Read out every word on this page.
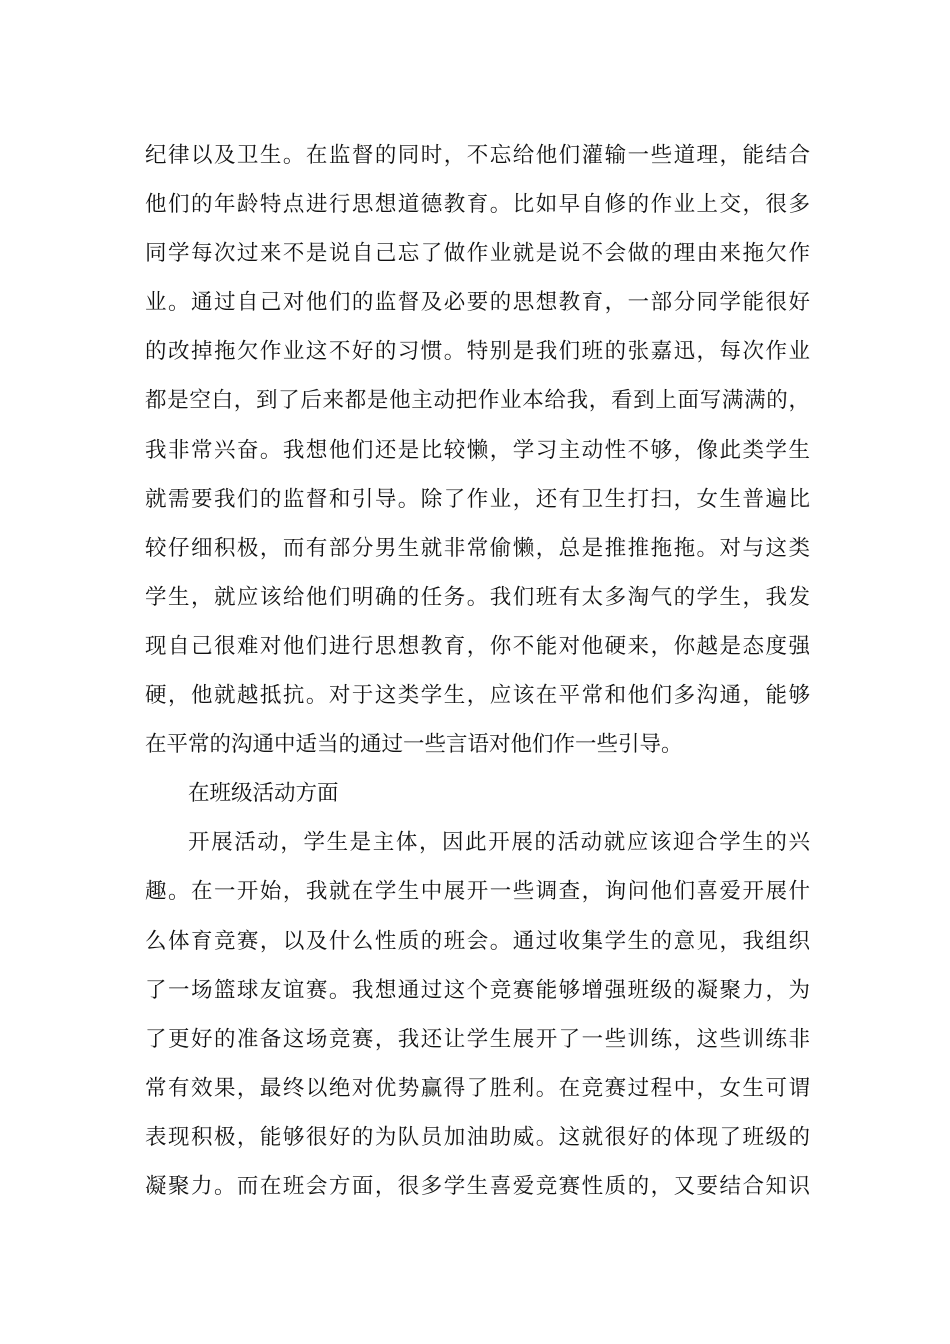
纪律以及卫生。在监督的同时，不忘给他们灌输一些道理，能结合
他们的年龄特点进行思想道德教育。比如早自修的作业上交，很多
同学每次过来不是说自己忘了做作业就是说不会做的理由来拖欠作
业。通过自己对他们的监督及必要的思想教育，一部分同学能很好
的改掉拖欠作业这不好的习惯。特别是我们班的张嘉迅，每次作业
都是空白，到了后来都是他主动把作业本给我，看到上面写满满的，
我非常兴奋。我想他们还是比较懒，学习主动性不够，像此类学生
就需要我们的监督和引导。除了作业，还有卫生打扫，女生普遍比
较仔细积极，而有部分男生就非常偷懒，总是推推拖拖。对与这类
学生，就应该给他们明确的任务。我们班有太多淘气的学生，我发
现自己很难对他们进行思想教育，你不能对他硬来，你越是态度强
硬，他就越抵抗。对于这类学生，应该在平常和他们多沟通，能够
在平常的沟通中适当的通过一些言语对他们作一些引导。
在班级活动方面
开展活动，学生是主体，因此开展的活动就应该迎合学生的兴
趣。在一开始，我就在学生中展开一些调查，询问他们喜爱开展什
么体育竞赛，以及什么性质的班会。通过收集学生的意见，我组织
了一场篮球友谊赛。我想通过这个竞赛能够增强班级的凝聚力，为
了更好的准备这场竞赛，我还让学生展开了一些训练，这些训练非
常有效果，最终以绝对优势赢得了胜利。在竞赛过程中，女生可谓
表现积极，能够很好的为队员加油助威。这就很好的体现了班级的
凝聚力。而在班会方面，很多学生喜爱竞赛性质的，又要结合知识
